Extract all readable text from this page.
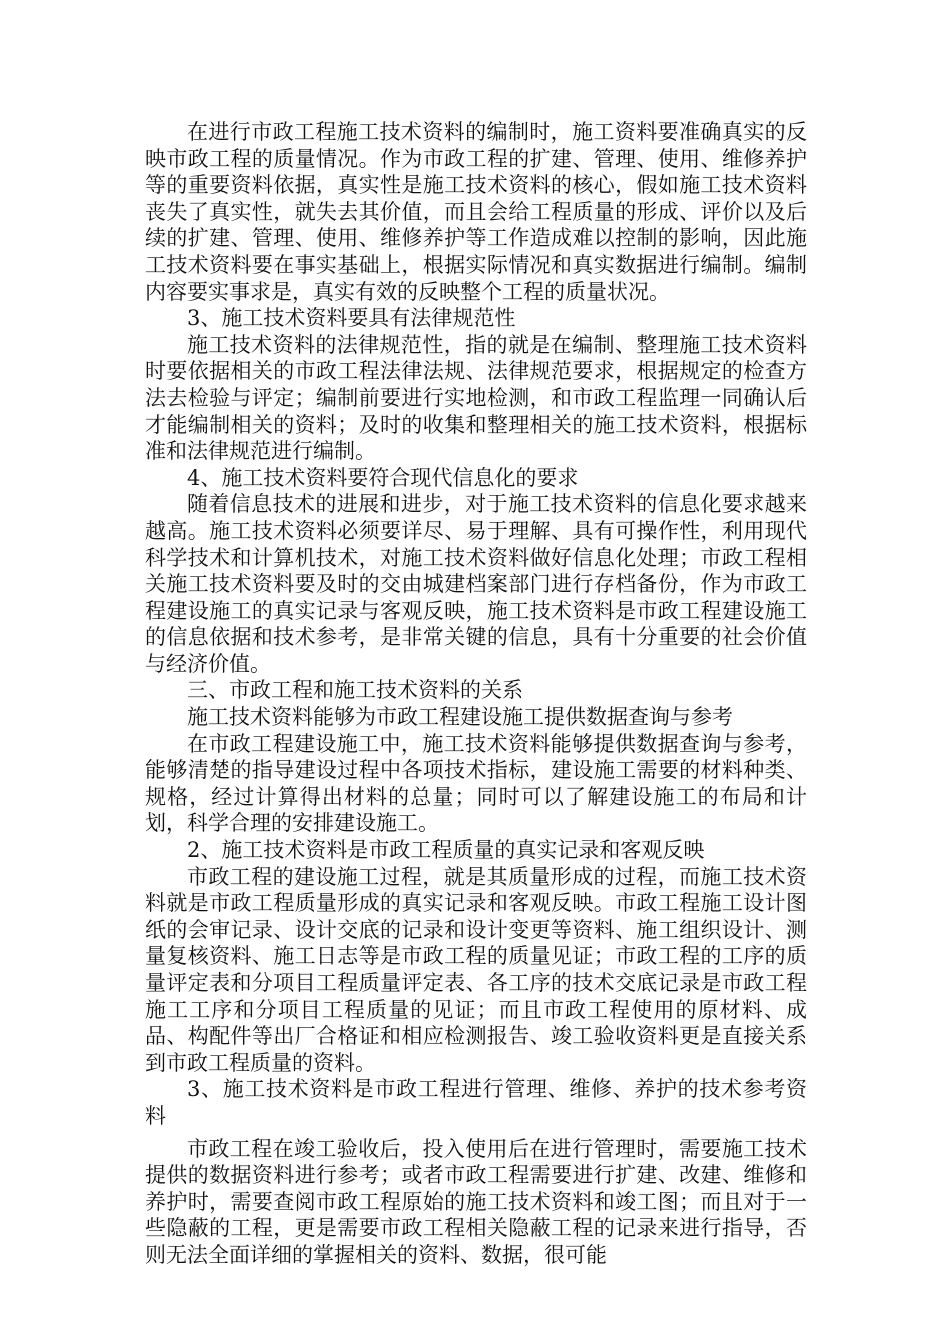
在进行市政工程施工技术资料的编制时，施工资料要准确真实的反映市政工程的质量情况。作为市政工程的扩建、管理、使用、维修养护等的重要资料依据，真实性是施工技术资料的核心，假如施工技术资料丧失了真实性，就失去其价值，而且会给工程质量的形成、评价以及后续的扩建、管理、使用、维修养护等工作造成难以控制的影响，因此施工技术资料要在事实基础上，根据实际情况和真实数据进行编制。编制内容要实事求是，真实有效的反映整个工程的质量状况。

3、施工技术资料要具有法律规范性

施工技术资料的法律规范性，指的就是在编制、整理施工技术资料时要依据相关的市政工程法律法规、法律规范要求，根据规定的检查方法去检验与评定；编制前要进行实地检测，和市政工程监理一同确认后才能编制相关的资料；及时的收集和整理相关的施工技术资料，根据标准和法律规范进行编制。

4、施工技术资料要符合现代信息化的要求

随着信息技术的进展和进步，对于施工技术资料的信息化要求越来越高。施工技术资料必须要详尽、易于理解、具有可操作性，利用现代科学技术和计算机技术，对施工技术资料做好信息化处理；市政工程相关施工技术资料要及时的交由城建档案部门进行存档备份，作为市政工程建设施工的真实记录与客观反映，施工技术资料是市政工程建设施工的信息依据和技术参考，是非常关键的信息，具有十分重要的社会价值与经济价值。

三、市政工程和施工技术资料的关系

施工技术资料能够为市政工程建设施工提供数据查询与参考

在市政工程建设施工中，施工技术资料能够提供数据查询与参考，能够清楚的指导建设过程中各项技术指标，建设施工需要的材料种类、规格，经过计算得出材料的总量；同时可以了解建设施工的布局和计划，科学合理的安排建设施工。

2、施工技术资料是市政工程质量的真实记录和客观反映

市政工程的建设施工过程，就是其质量形成的过程，而施工技术资料就是市政工程质量形成的真实记录和客观反映。市政工程施工设计图纸的会审记录、设计交底的记录和设计变更等资料、施工组织设计、测量复核资料、施工日志等是市政工程的质量见证；市政工程的工序的质量评定表和分项目工程质量评定表、各工序的技术交底记录是市政工程施工工序和分项目工程质量的见证；而且市政工程使用的原材料、成品、构配件等出厂合格证和相应检测报告、竣工验收资料更是直接关系到市政工程质量的资料。

3、施工技术资料是市政工程进行管理、维修、养护的技术参考资料

市政工程在竣工验收后，投入使用后在进行管理时，需要施工技术提供的数据资料进行参考；或者市政工程需要进行扩建、改建、维修和养护时，需要查阅市政工程原始的施工技术资料和竣工图；而且对于一些隐蔽的工程，更是需要市政工程相关隐蔽工程的记录来进行指导，否则无法全面详细的掌握相关的资料、数据，很可能
